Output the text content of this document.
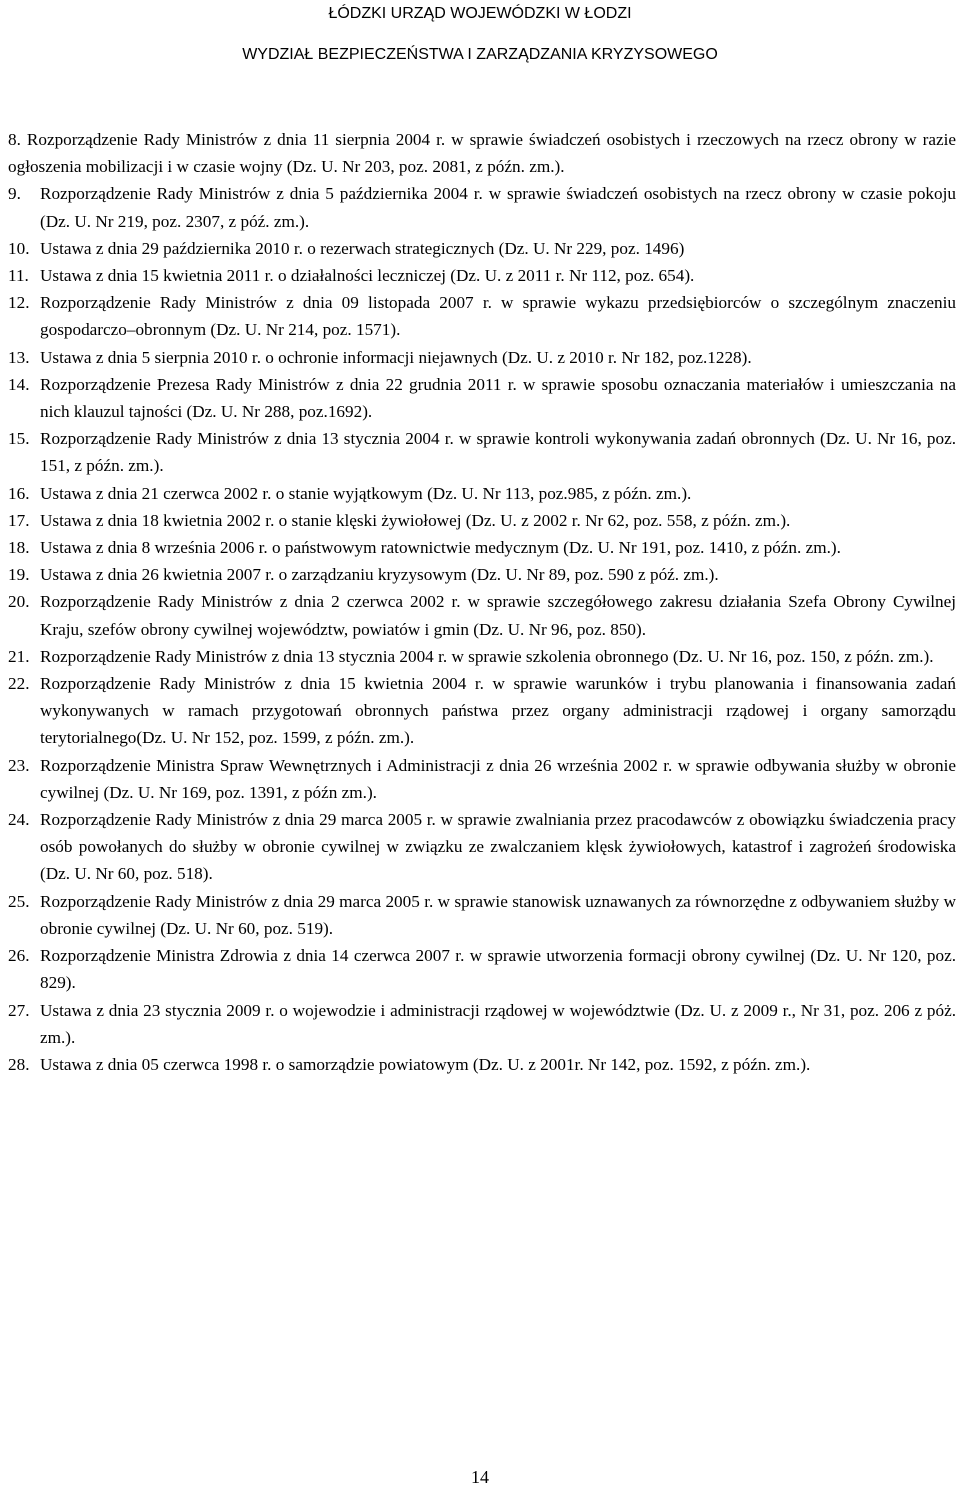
ŁÓDZKI URZĄD WOJEWÓDZKI W ŁODZI
WYDZIAŁ BEZPIECZEŃSTWA I ZARZĄDZANIA KRYZYSOWEGO
8. Rozporządzenie Rady Ministrów z dnia 11 sierpnia 2004 r. w sprawie świadczeń osobistych i rzeczowych na rzecz obrony w razie ogłoszenia mobilizacji i w czasie wojny (Dz. U. Nr 203, poz. 2081, z późn. zm.).
9.	Rozporządzenie Rady Ministrów z dnia 5 października 2004 r. w sprawie świadczeń osobistych na rzecz obrony w czasie pokoju (Dz. U. Nr 219, poz. 2307, z póź. zm.).
10. Ustawa z dnia 29 października 2010 r. o rezerwach strategicznych (Dz. U. Nr 229, poz. 1496)
11. Ustawa z dnia 15 kwietnia 2011 r. o działalności leczniczej (Dz. U. z 2011 r. Nr 112, poz. 654).
12. Rozporządzenie Rady Ministrów z dnia 09 listopada 2007 r. w sprawie wykazu przedsiębiorców o szczególnym znaczeniu gospodarczo–obronnym (Dz. U. Nr 214, poz. 1571).
13. Ustawa z dnia 5 sierpnia 2010 r. o ochronie informacji niejawnych (Dz. U. z 2010 r. Nr 182, poz.1228).
14. Rozporządzenie Prezesa Rady Ministrów z dnia 22 grudnia 2011 r. w sprawie sposobu oznaczania materiałów i umieszczania na nich klauzul tajności (Dz. U. Nr 288, poz.1692).
15. Rozporządzenie Rady Ministrów z dnia 13 stycznia 2004 r. w sprawie kontroli wykonywania zadań obronnych (Dz. U. Nr 16, poz. 151, z późn. zm.).
16. Ustawa z dnia 21 czerwca 2002 r. o stanie wyjątkowym (Dz. U. Nr 113, poz.985, z późn. zm.).
17. Ustawa z dnia 18 kwietnia 2002 r. o stanie klęski żywiołowej (Dz. U. z 2002 r. Nr 62, poz. 558, z późn. zm.).
18. Ustawa z dnia 8 września 2006 r. o państwowym ratownictwie medycznym (Dz. U. Nr 191, poz. 1410, z późn. zm.).
19. Ustawa z dnia 26 kwietnia 2007 r. o zarządzaniu kryzysowym (Dz. U. Nr 89, poz. 590 z póź. zm.).
20. Rozporządzenie Rady Ministrów z dnia 2 czerwca 2002 r. w sprawie szczegółowego zakresu działania Szefa Obrony Cywilnej Kraju, szefów obrony cywilnej województw, powiatów i gmin (Dz. U. Nr 96, poz. 850).
21. Rozporządzenie Rady Ministrów z dnia 13 stycznia 2004 r. w sprawie szkolenia obronnego (Dz. U. Nr 16, poz. 150, z późn. zm.).
22. Rozporządzenie Rady Ministrów z dnia 15 kwietnia 2004 r. w sprawie warunków i trybu planowania i finansowania zadań wykonywanych w ramach przygotowań obronnych państwa przez organy administracji rządowej i organy samorządu terytorialnego(Dz. U. Nr 152, poz. 1599, z późn. zm.).
23. Rozporządzenie Ministra Spraw Wewnętrznych i Administracji z dnia 26 września 2002 r. w sprawie odbywania służby w obronie cywilnej (Dz. U. Nr 169, poz. 1391, z późn zm.).
24. Rozporządzenie Rady Ministrów z dnia 29 marca 2005 r. w sprawie zwalniania przez pracodawców z obowiązku świadczenia pracy osób powołanych do służby w obronie cywilnej w związku ze zwalczaniem klęsk żywiołowych, katastrof i zagrożeń środowiska (Dz. U. Nr 60, poz. 518).
25. Rozporządzenie Rady Ministrów z dnia 29 marca 2005 r. w sprawie stanowisk uznawanych za równorzędne z odbywaniem służby w obronie cywilnej (Dz. U. Nr 60, poz. 519).
26. Rozporządzenie Ministra Zdrowia z dnia 14 czerwca 2007 r. w sprawie utworzenia formacji obrony cywilnej (Dz. U. Nr 120, poz. 829).
27. Ustawa z dnia 23 stycznia 2009 r. o wojewodzie i administracji rządowej w województwie (Dz. U. z 2009 r., Nr 31, poz. 206 z póż. zm.).
28. Ustawa z dnia 05 czerwca 1998 r. o samorządzie powiatowym (Dz. U. z 2001r. Nr 142, poz. 1592, z późn. zm.).
14
